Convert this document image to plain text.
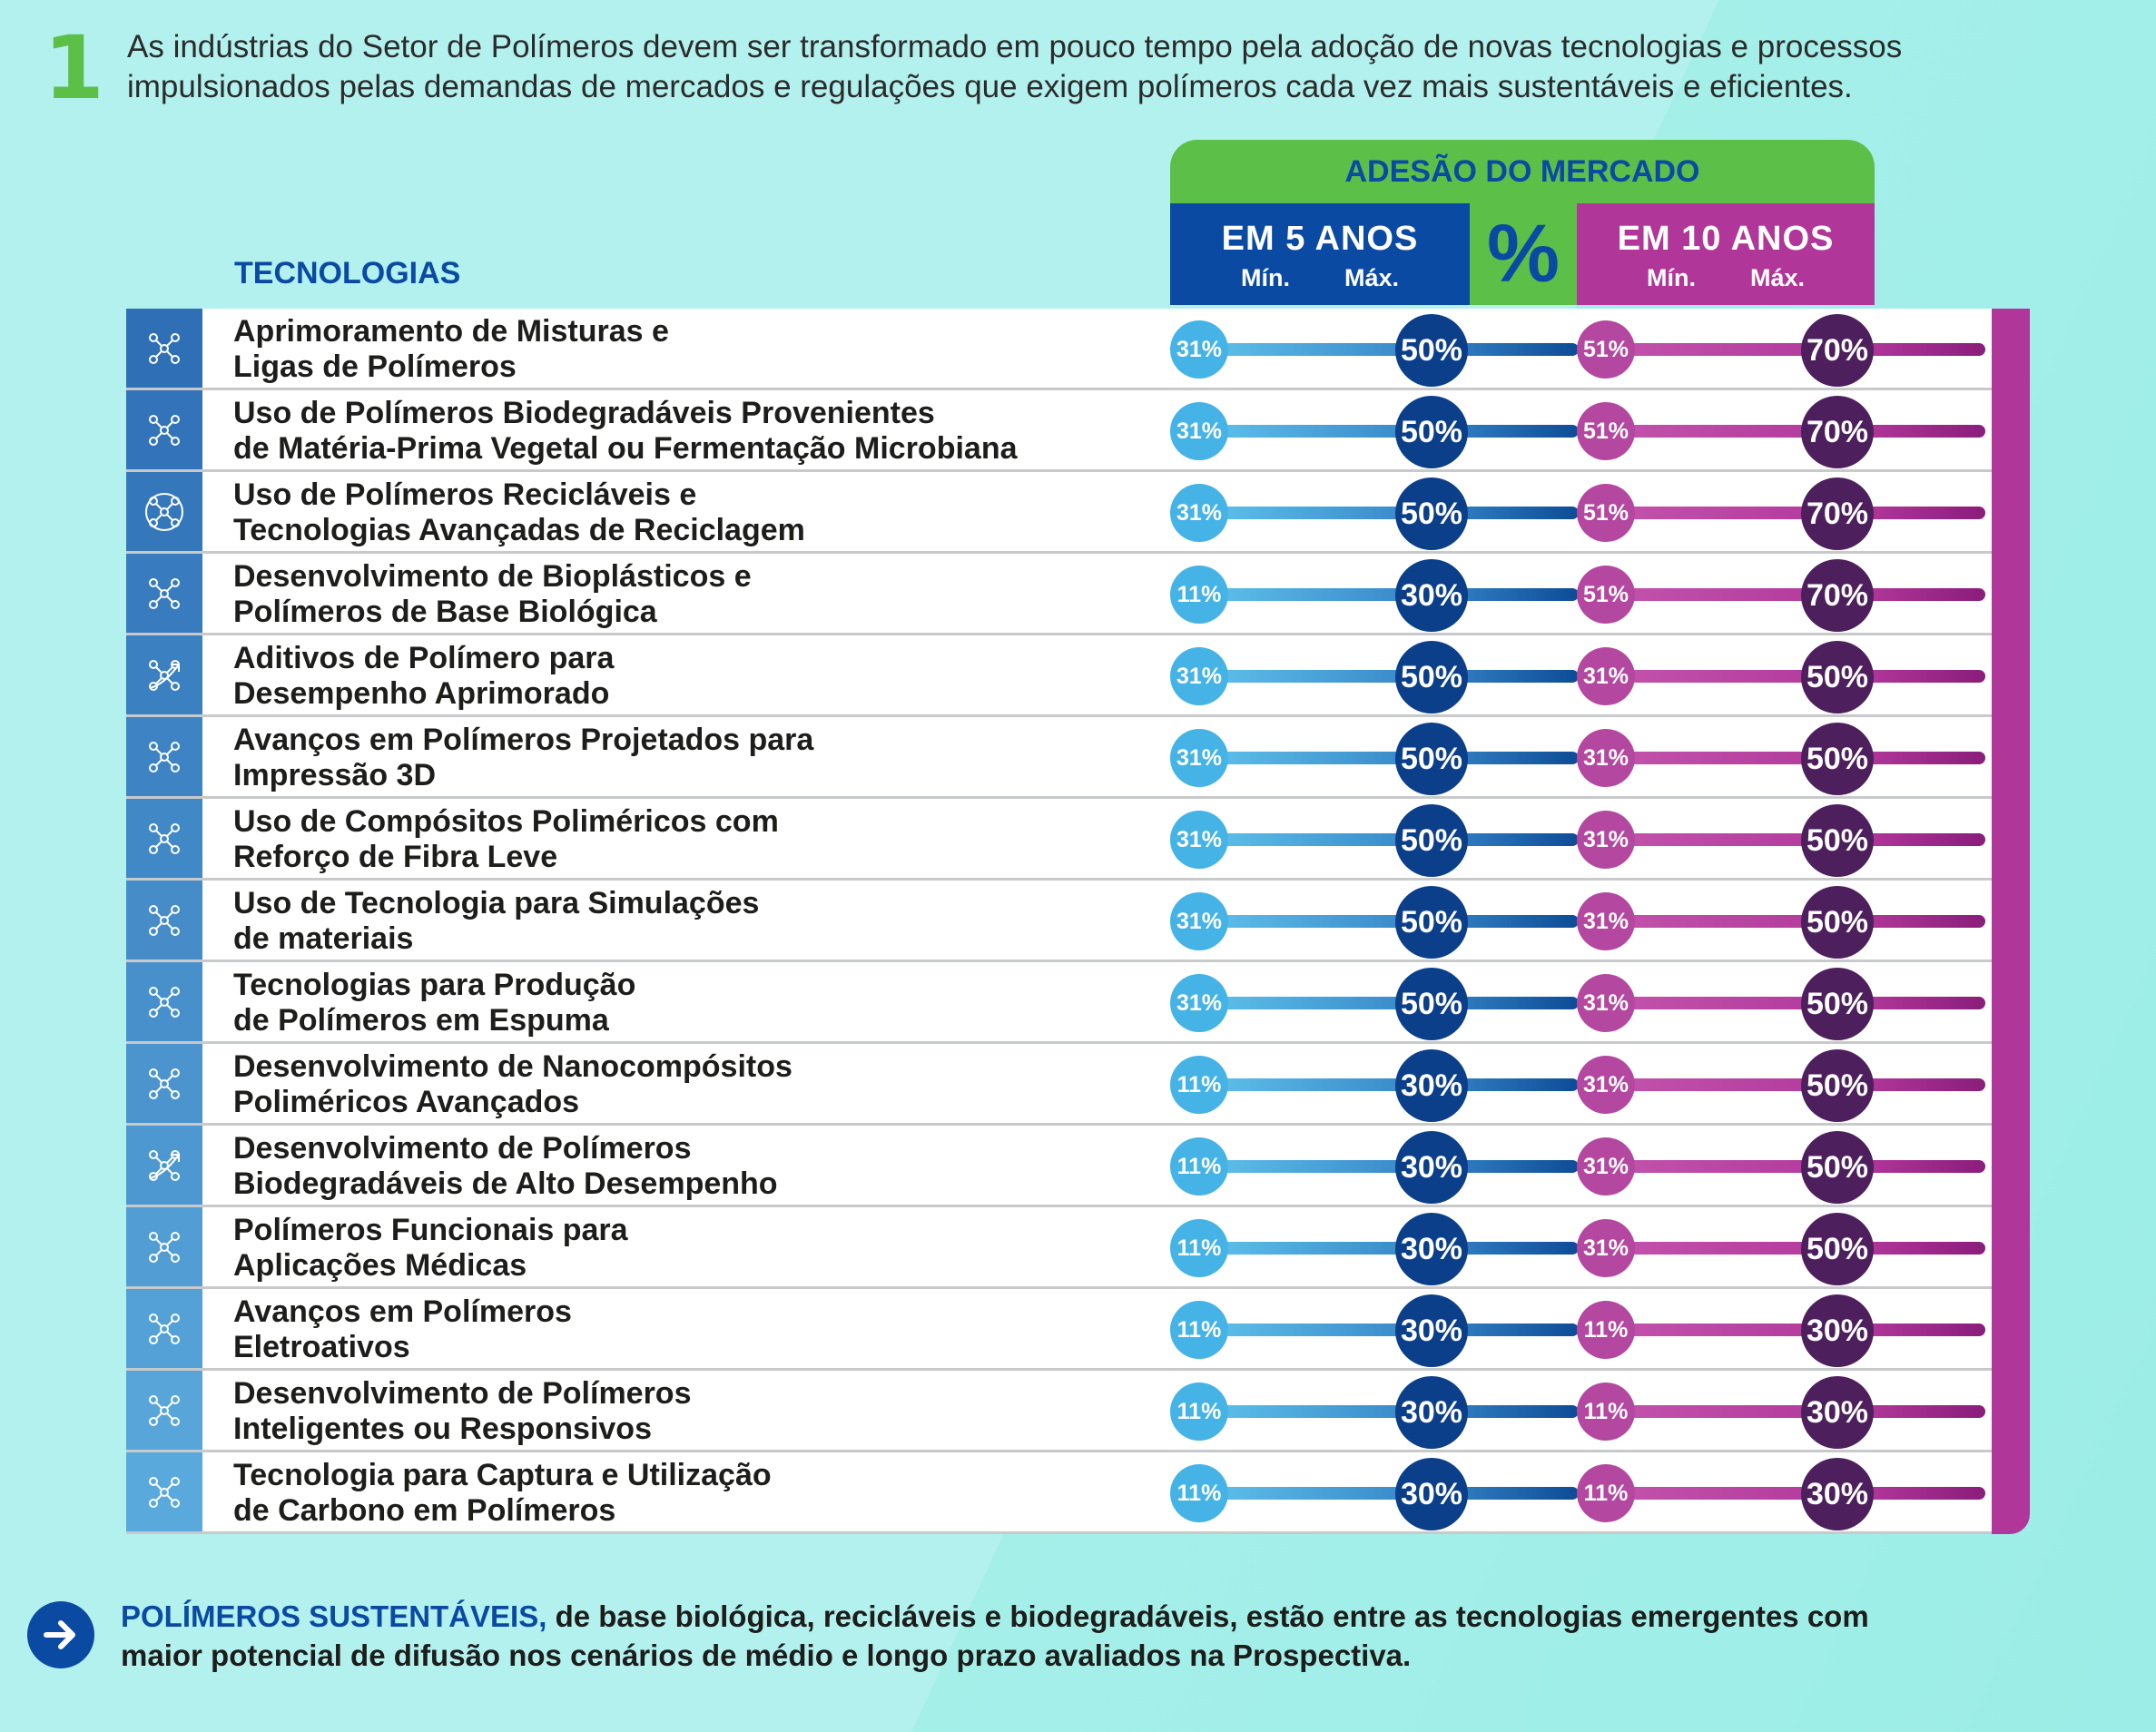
1 As indústrias do Setor de Polímeros devem ser transformado em pouco tempo pela adoção de novas tecnologias e processos
impulsionados pelas demandas de mercados e regulações que exigem polímeros cada vez mais sustentáveis e eficientes.
ADESÃO DO MERCADO
EM 5 ANOS
Mín. Máx. %	EM 10 ANOS
Mín. Máx.
TECNOLOGIAS
Aprimoramento de Misturas e
Ligas de Polímeros	31%	50%	51%	70%
Uso de Polímeros Biodegradáveis Provenientes
de Matéria-Prima Vegetal ou Fermentação Microbiana	31%	50%	51%	70%
Uso de Polímeros Recicláveis e
Tecnologias Avançadas de Reciclagem	31%	50%	51%	70%
Desenvolvimento de Bioplásticos e
Polímeros de Base Biológica	11%	30%	51%	70%
Aditivos de Polímero para
Desempenho Aprimorado	31%	50%	31%	50%
Avanços em Polímeros Projetados para
Impressão 3D	31%	50%	31%	50%
Uso de Compósitos Poliméricos com
Reforço de Fibra Leve	31%	50%	31%	50%
Uso de Tecnologia para Simulações
de materiais	31%	50%	31%	50%
Tecnologias para Produção
de Polímeros em Espuma	31%	50%	31%	50%
Desenvolvimento de Nanocompósitos
Poliméricos Avançados	11%	30%	31%	50%
Desenvolvimento de Polímeros
Biodegradáveis de Alto Desempenho	11%	30%	31%	50%
Polímeros Funcionais para
Aplicações Médicas	11%	30%	31%	50%
Avanços em Polímeros
Eletroativos	11%	30%	11%	30%
Desenvolvimento de Polímeros
Inteligentes ou Responsivos	11%	30%	11%	30%
Tecnologia para Captura e Utilização
de Carbono em Polímeros	11%	30%	11%	30%
POLÍMEROS SUSTENTÁVEIS, de base biológica, recicláveis e biodegradáveis, estão entre as tecnologias emergentes com
maior potencial de difusão nos cenários de médio e longo prazo avaliados na Prospectiva.
